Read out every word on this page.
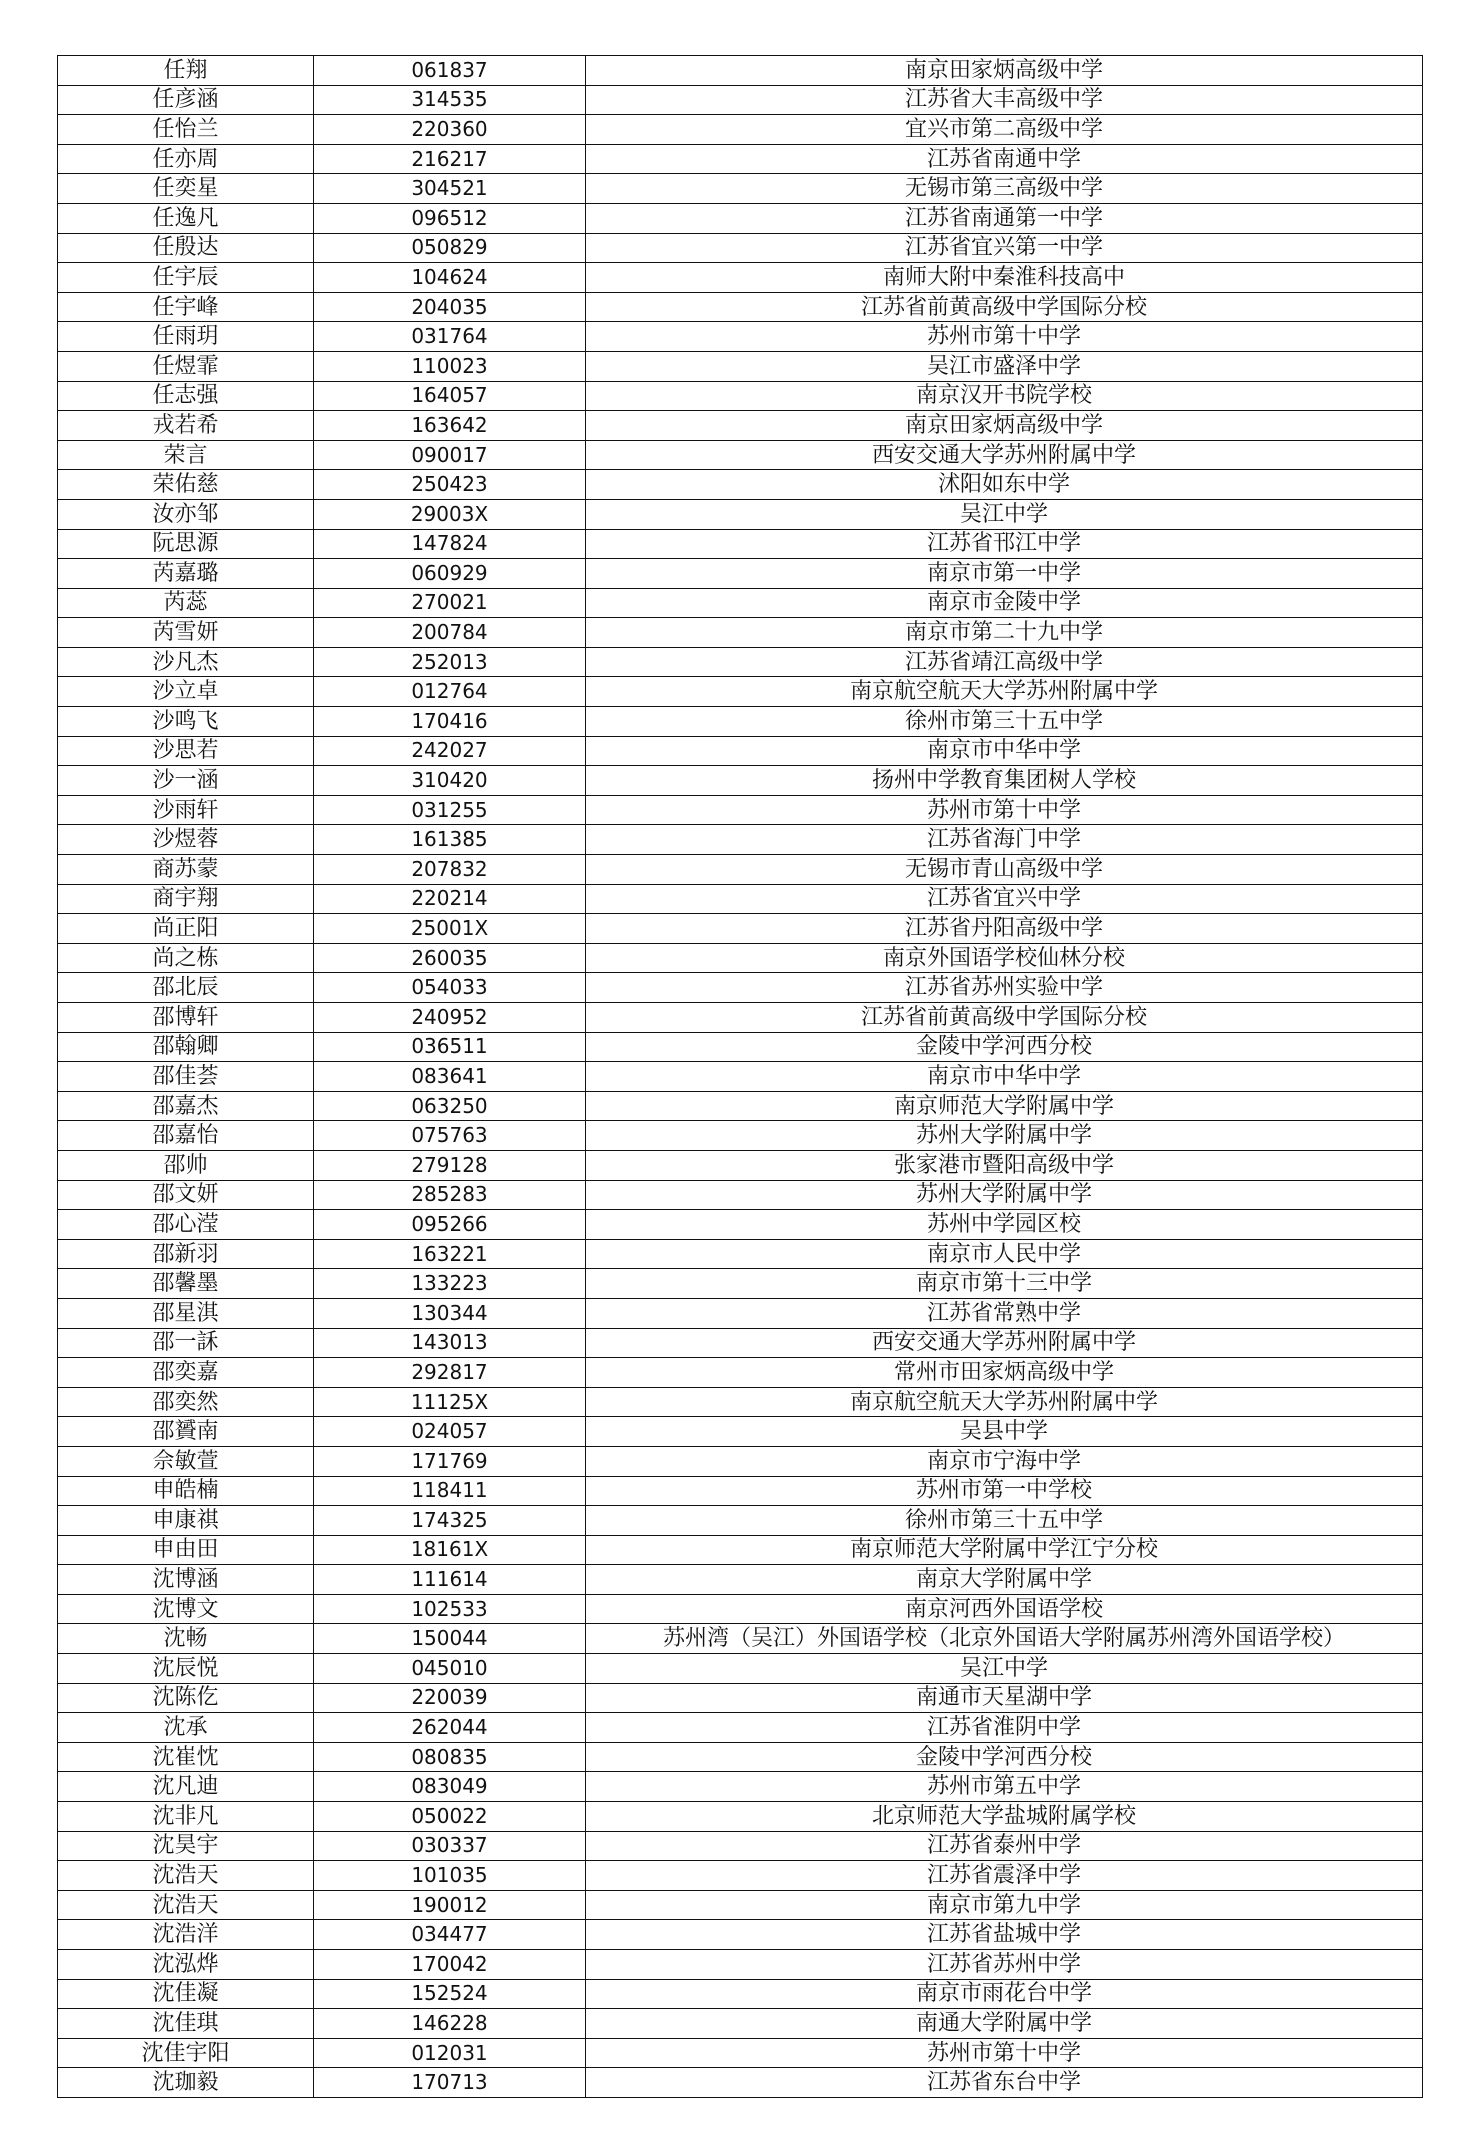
任翔	061837	南京田家炳高级中学
任彦涵	314535	江苏省大丰高级中学
任怡兰	220360	宜兴市第二高级中学
任亦周	216217	江苏省南通中学
任奕星	304521	无锡市第三高级中学
任逸凡	096512	江苏省南通第一中学
任殷达	050829	江苏省宜兴第一中学
任宇辰	104624	南师大附中秦淮科技高中
任宇峰	204035	江苏省前黄高级中学国际分校
任雨玥	031764	苏州市第十中学
任煜霏	110023	吴江市盛泽中学
任志强	164057	南京汉开书院学校
戎若希	163642	南京田家炳高级中学
荣言	090017	西安交通大学苏州附属中学
荣佑慈	250423	沭阳如东中学
汝亦邹	29003X	吴江中学
阮思源	147824	江苏省邗江中学
芮嘉璐	060929	南京市第一中学
芮蕊	270021	南京市金陵中学
芮雪妍	200784	南京市第二十九中学
沙凡杰	252013	江苏省靖江高级中学
沙立卓	012764	南京航空航天大学苏州附属中学
沙鸣飞	170416	徐州市第三十五中学
沙思若	242027	南京市中华中学
沙一涵	310420	扬州中学教育集团树人学校
沙雨轩	031255	苏州市第十中学
沙煜蓉	161385	江苏省海门中学
商苏蒙	207832	无锡市青山高级中学
商宇翔	220214	江苏省宜兴中学
尚正阳	25001X	江苏省丹阳高级中学
尚之栋	260035	南京外国语学校仙林分校
邵北辰	054033	江苏省苏州实验中学
邵博轩	240952	江苏省前黄高级中学国际分校
邵翰卿	036511	金陵中学河西分校
邵佳荟	083641	南京市中华中学
邵嘉杰	063250	南京师范大学附属中学
邵嘉怡	075763	苏州大学附属中学
邵帅	279128	张家港市暨阳高级中学
邵文妍	285283	苏州大学附属中学
邵心滢	095266	苏州中学园区校
邵新羽	163221	南京市人民中学
邵馨墨	133223	南京市第十三中学
邵星淇	130344	江苏省常熟中学
邵一訸	143013	西安交通大学苏州附属中学
邵奕嘉	292817	常州市田家炳高级中学
邵奕然	11125X	南京航空航天大学苏州附属中学
邵贇南	024057	吴县中学
佘敏萱	171769	南京市宁海中学
申皓楠	118411	苏州市第一中学校
申康祺	174325	徐州市第三十五中学
申由田	18161X	南京师范大学附属中学江宁分校
沈博涵	111614	南京大学附属中学
沈博文	102533	南京河西外国语学校
沈畅	150044	苏州湾（吴江）外国语学校（北京外国语大学附属苏州湾外国语学校）
沈辰悦	045010	吴江中学
沈陈仡	220039	南通市天星湖中学
沈承	262044	江苏省淮阴中学
沈崔忱	080835	金陵中学河西分校
沈凡迪	083049	苏州市第五中学
沈非凡	050022	北京师范大学盐城附属学校
沈昊宇	030337	江苏省泰州中学
沈浩天	101035	江苏省震泽中学
沈浩天	190012	南京市第九中学
沈浩洋	034477	江苏省盐城中学
沈泓烨	170042	江苏省苏州中学
沈佳凝	152524	南京市雨花台中学
沈佳琪	146228	南通大学附属中学
沈佳宇阳	012031	苏州市第十中学
沈珈毅	170713	江苏省东台中学
